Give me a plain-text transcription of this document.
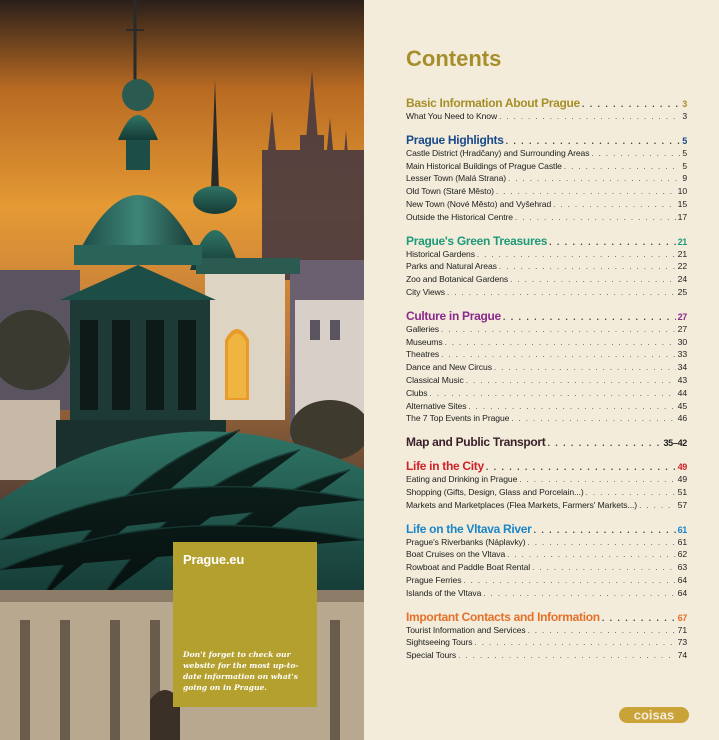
Prague.eu
Don't forget to check our website for the most up-to-date information on what's going on in Prague.
Contents
Basic Information About Prague . . .	3
What You Need to Know . . .	3
Prague Highlights . . .	5
Castle District (Hradčany) and Surrounding Areas . . .	5
Main Historical Buildings of Prague Castle . . .	5
Lesser Town (Malá Strana) . . .	9
Old Town (Staré Město) . . .	10
New Town (Nové Město) and Vyšehrad . . .	15
Outside the Historical Centre . . .	17
Prague's Green Treasures . . .	21
Historical Gardens . . .	21
Parks and Natural Areas . . .	22
Zoo and Botanical Gardens . . .	24
City Views . . .	25
Culture in Prague . . .	27
Galleries . . .	27
Museums . . .	30
Theatres . . .	33
Dance and New Circus . . .	34
Classical Music . . .	43
Clubs . . .	44
Alternative Sites . . .	45
The 7 Top Events in Prague . . .	46
Map and Public Transport . . .	35–42
Life in the City . . .	49
Eating and Drinking in Prague . . .	49
Shopping (Gifts, Design, Glass and Porcelain...) . . .	51
Markets and Marketplaces (Flea Markets, Farmers' Markets...) . . .	57
Life on the Vltava River . . .	61
Prague's Riverbanks (Náplavky) . . .	61
Boat Cruises on the Vltava . . .	62
Rowboat and Paddle Boat Rental . . .	63
Prague Ferries . . .	64
Islands of the Vltava . . .	64
Important Contacts and Information . . .	67
Tourist Information and Services . . .	71
Sightseeing Tours . . .	73
Special Tours . . .	74
coisas
